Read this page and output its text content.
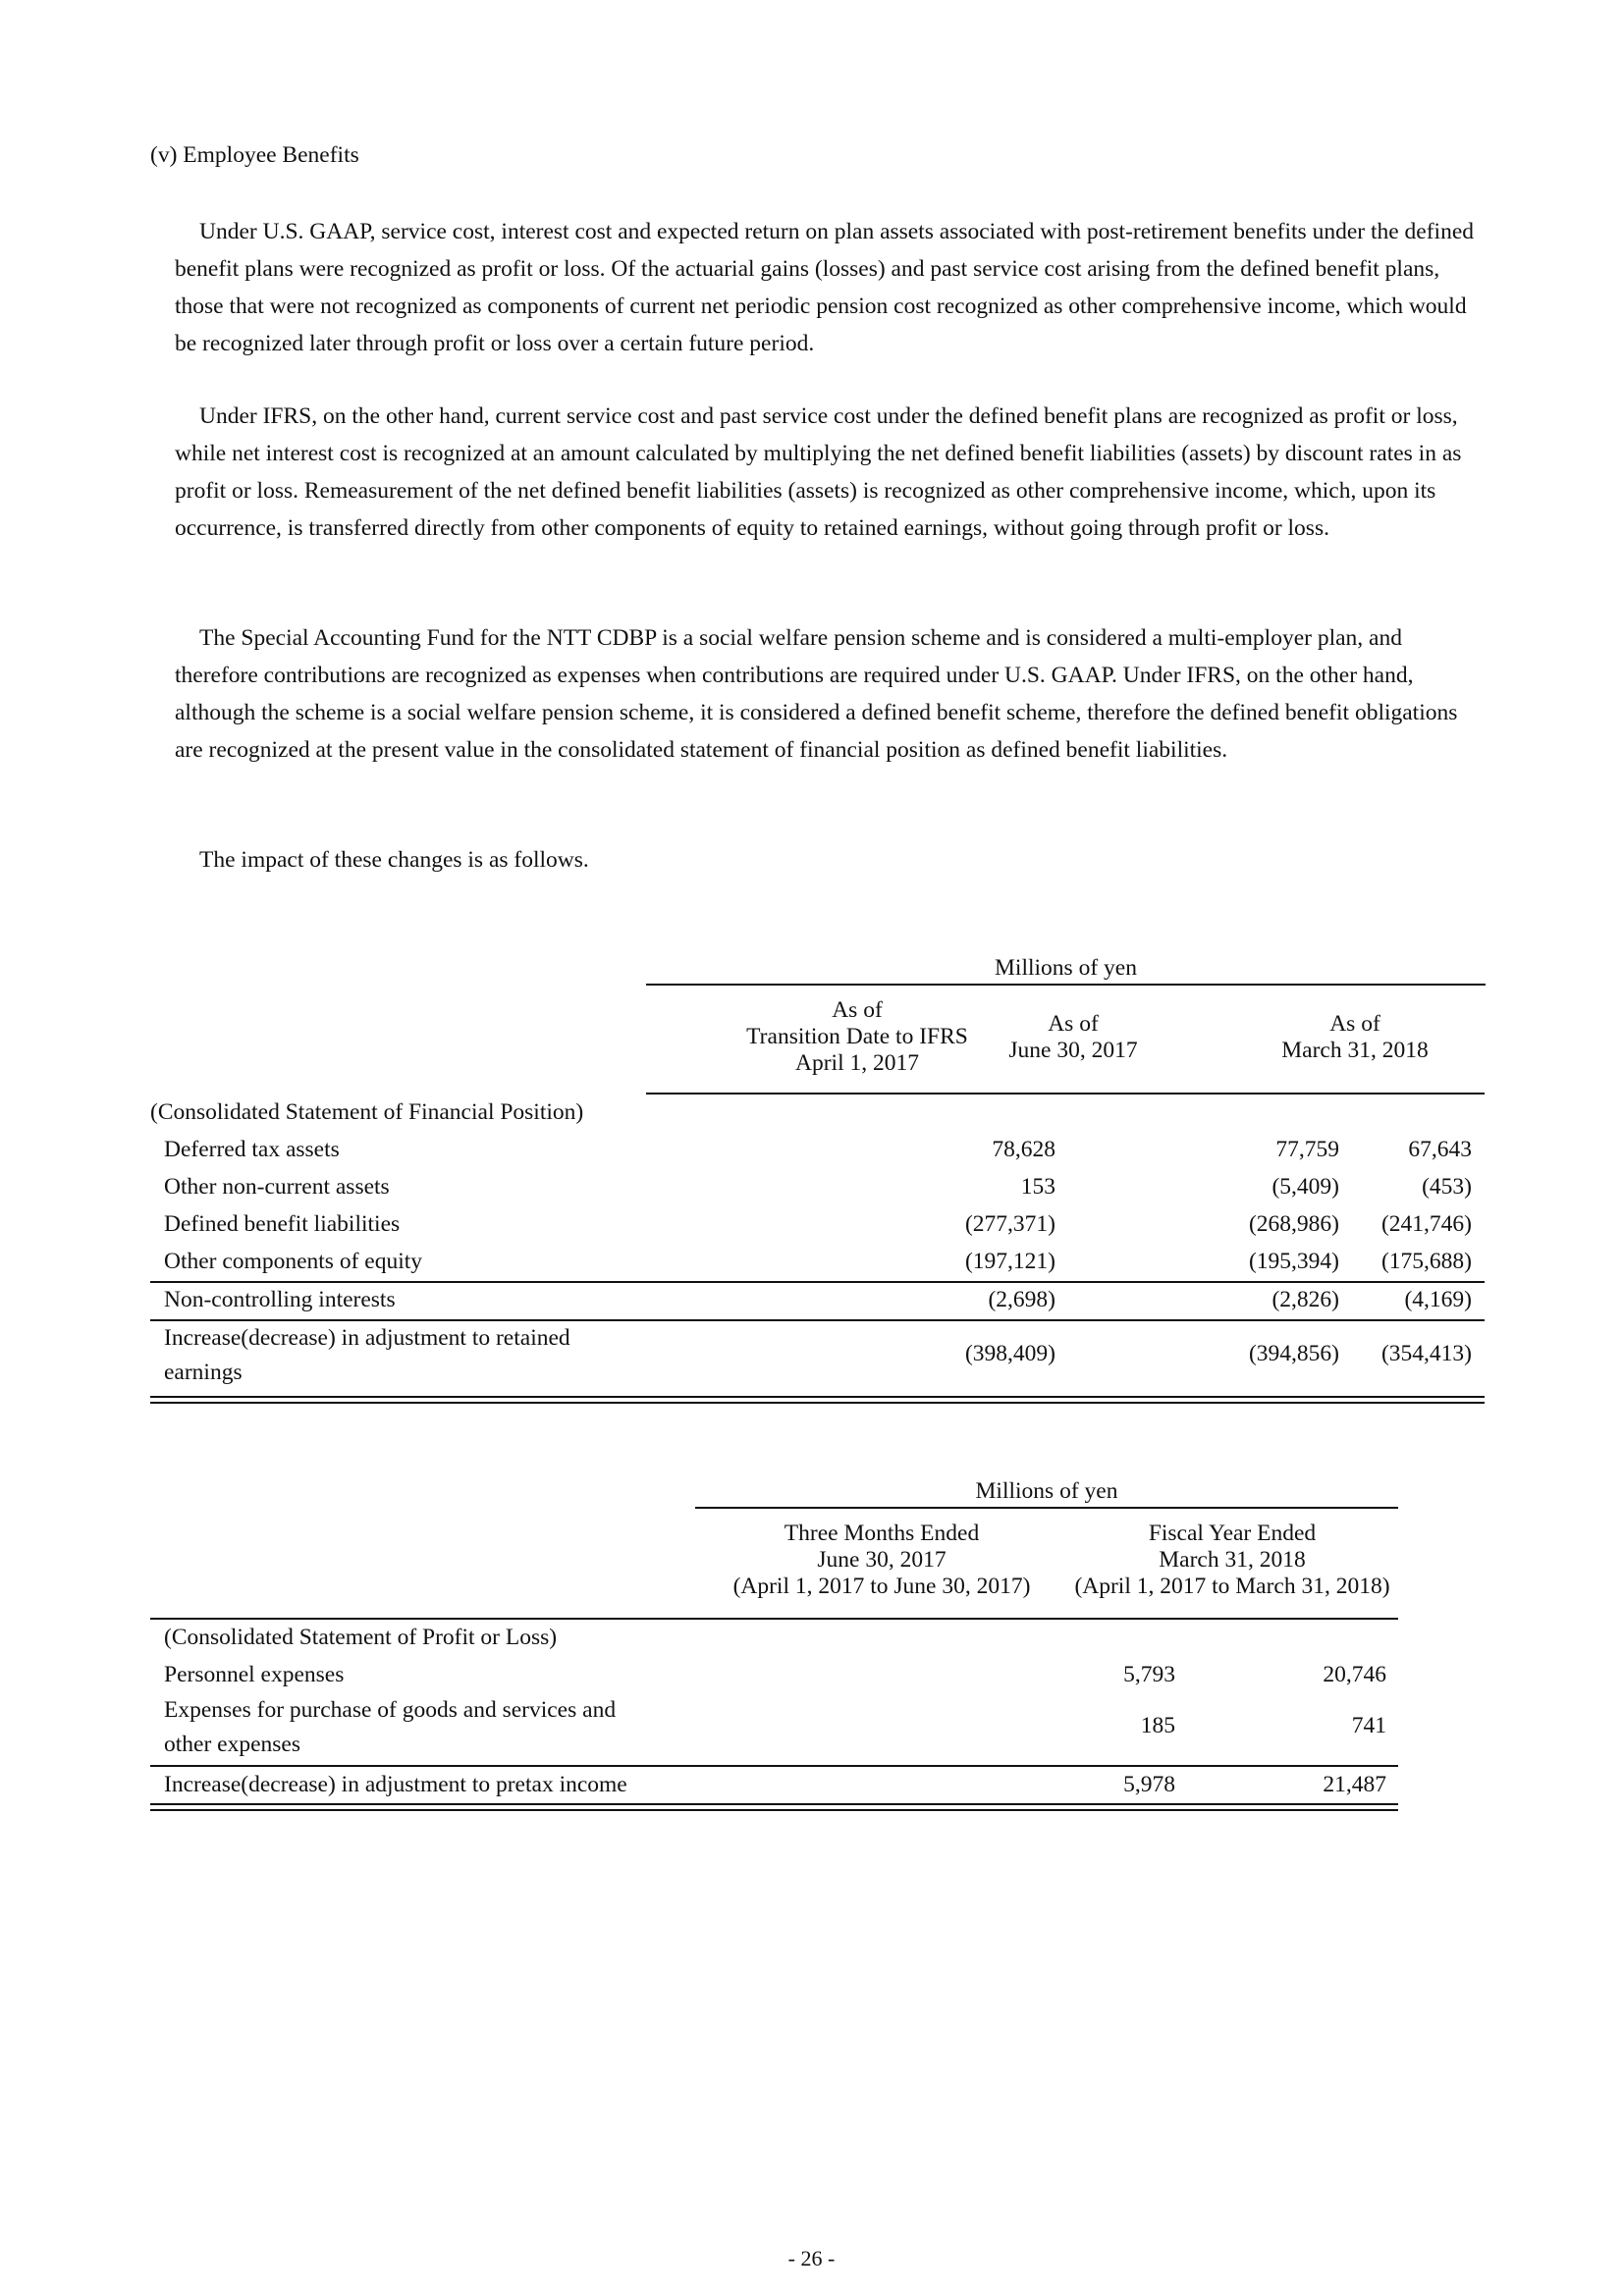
(v) Employee Benefits

Under U.S. GAAP, service cost, interest cost and expected return on plan assets associated with post-retirement benefits under the defined benefit plans were recognized as profit or loss. Of the actuarial gains (losses) and past service cost arising from the defined benefit plans, those that were not recognized as components of current net periodic pension cost recognized as other comprehensive income, which would be recognized later through profit or loss over a certain future period.

Under IFRS, on the other hand, current service cost and past service cost under the defined benefit plans are recognized as profit or loss, while net interest cost is recognized at an amount calculated by multiplying the net defined benefit liabilities (assets) by discount rates in as profit or loss. Remeasurement of the net defined benefit liabilities (assets) is recognized as other comprehensive income, which, upon its occurrence, is transferred directly from other components of equity to retained earnings, without going through profit or loss.

The Special Accounting Fund for the NTT CDBP is a social welfare pension scheme and is considered a multi-employer plan, and therefore contributions are recognized as expenses when contributions are required under U.S. GAAP. Under IFRS, on the other hand, although the scheme is a social welfare pension scheme, it is considered a defined benefit scheme, therefore the defined benefit obligations are recognized at the present value in the consolidated statement of financial position as defined benefit liabilities.

The impact of these changes is as follows.

Millions of yen
As of
Transition Date to IFRS
April 1, 2017
As of
June 30, 2017
As of
March 31, 2018
(Consolidated Statement of Financial Position)
Deferred tax assets	78,628	77,759	67,643
Other non-current assets	153	(5,409)	(453)
Defined benefit liabilities	(277,371)	(268,986) (241,746)
Other components of equity	(197,121)	(195,394) (175,688)
Non-controlling interests	(2,698)	(2,826)	(4,169)
Increase(decrease) in adjustment to retained
earnings
(398,409)	(394,856) (354,413)
Millions of yen
Three Months Ended
June 30, 2017
(April 1, 2017 to June 30, 2017)
Fiscal Year Ended
March 31, 2018
(April 1, 2017 to March 31, 2018)
(Consolidated Statement of Profit or Loss)
Personnel expenses	5,793	20,746
Expenses for purchase of goods and services and
other expenses
185	741
Increase(decrease) in adjustment to pretax income	5,978	21,487
- 26 -
